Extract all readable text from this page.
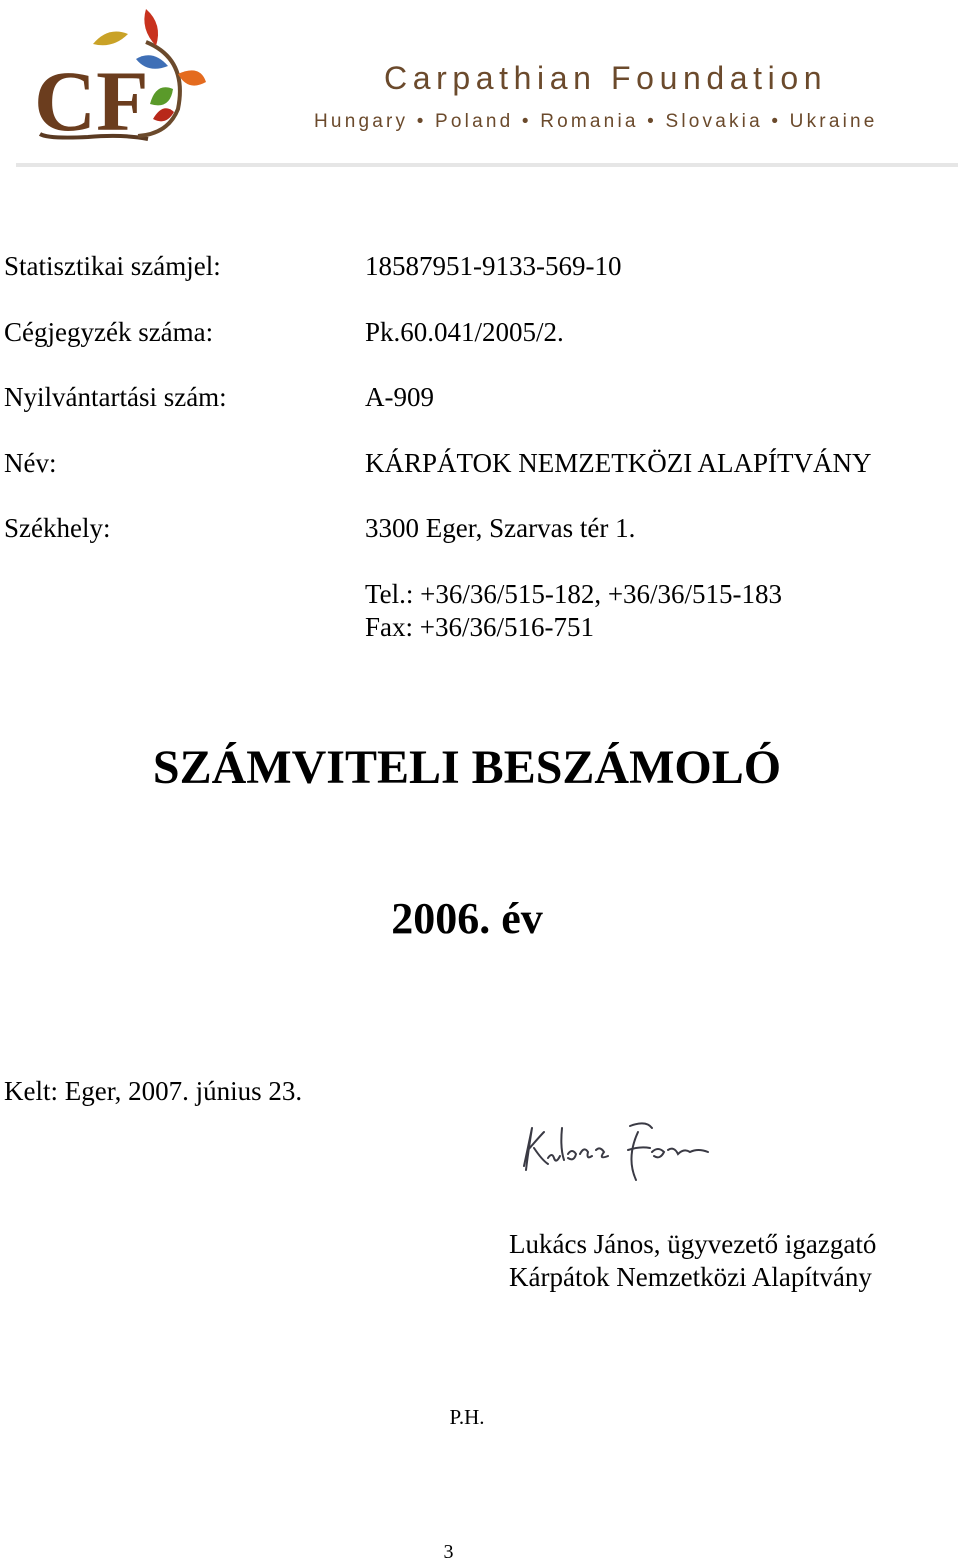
CF	Carpathian Foundation
Hungary • Poland • Romania • Slovakia • Ukraine
Statisztikai számjel:	18587951-9133-569-10
Cégjegyzék száma:	Pk.60.041/2005/2.
Nyilvántartási szám:	A-909
Név:	KÁRPÁTOK NEMZETKÖZI ALAPÍTVÁNY
Székhely:	3300 Eger, Szarvas tér 1.
Tel.: +36/36/515-182, +36/36/515-183
Fax: +36/36/516-751
SZÁMVITELI BESZÁMOLÓ
2006. év
Kelt: Eger, 2007. június 23.
Lukács János, ügyvezető igazgató
Kárpátok Nemzetközi Alapítvány
P.H.
3
